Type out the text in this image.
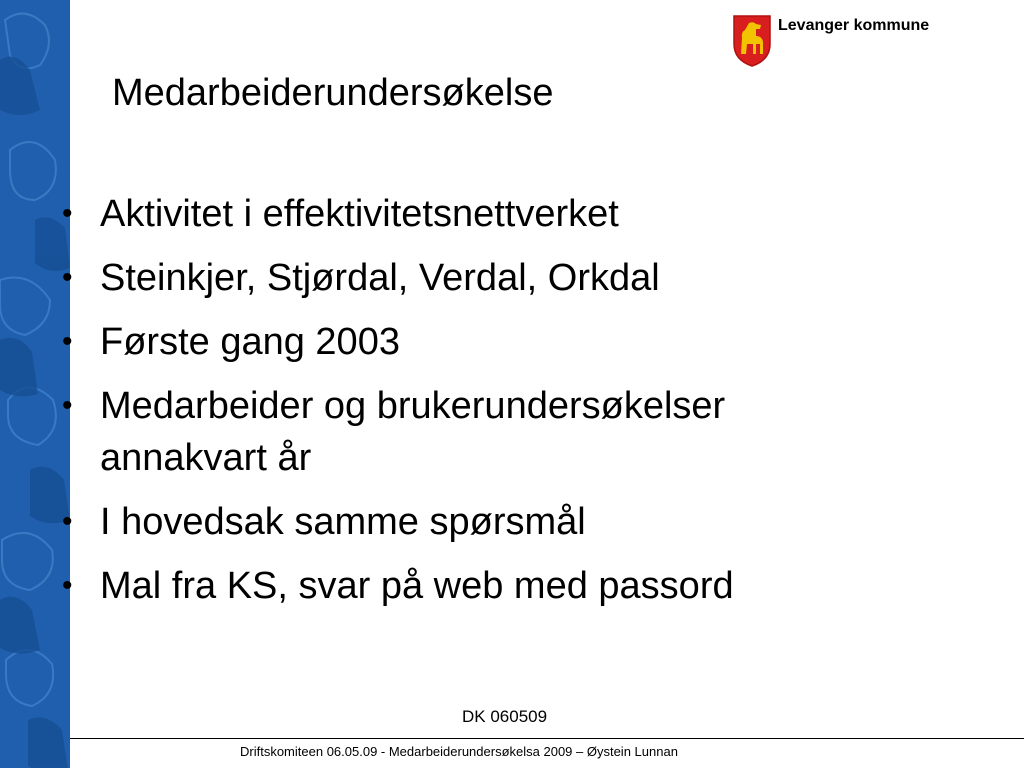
Levanger kommune
Medarbeiderundersøkelse
• Aktivitet i effektivitetsnettverket
• Steinkjer, Stjørdal, Verdal, Orkdal
• Første gang 2003
• Medarbeider og brukerundersøkelser annakvart år
• I hovedsak samme spørsmål
• Mal fra KS, svar på web med passord
DK 060509
Driftskomiteen 06.05.09 - Medarbeiderundersøkelsa 2009 – Øystein Lunnan
